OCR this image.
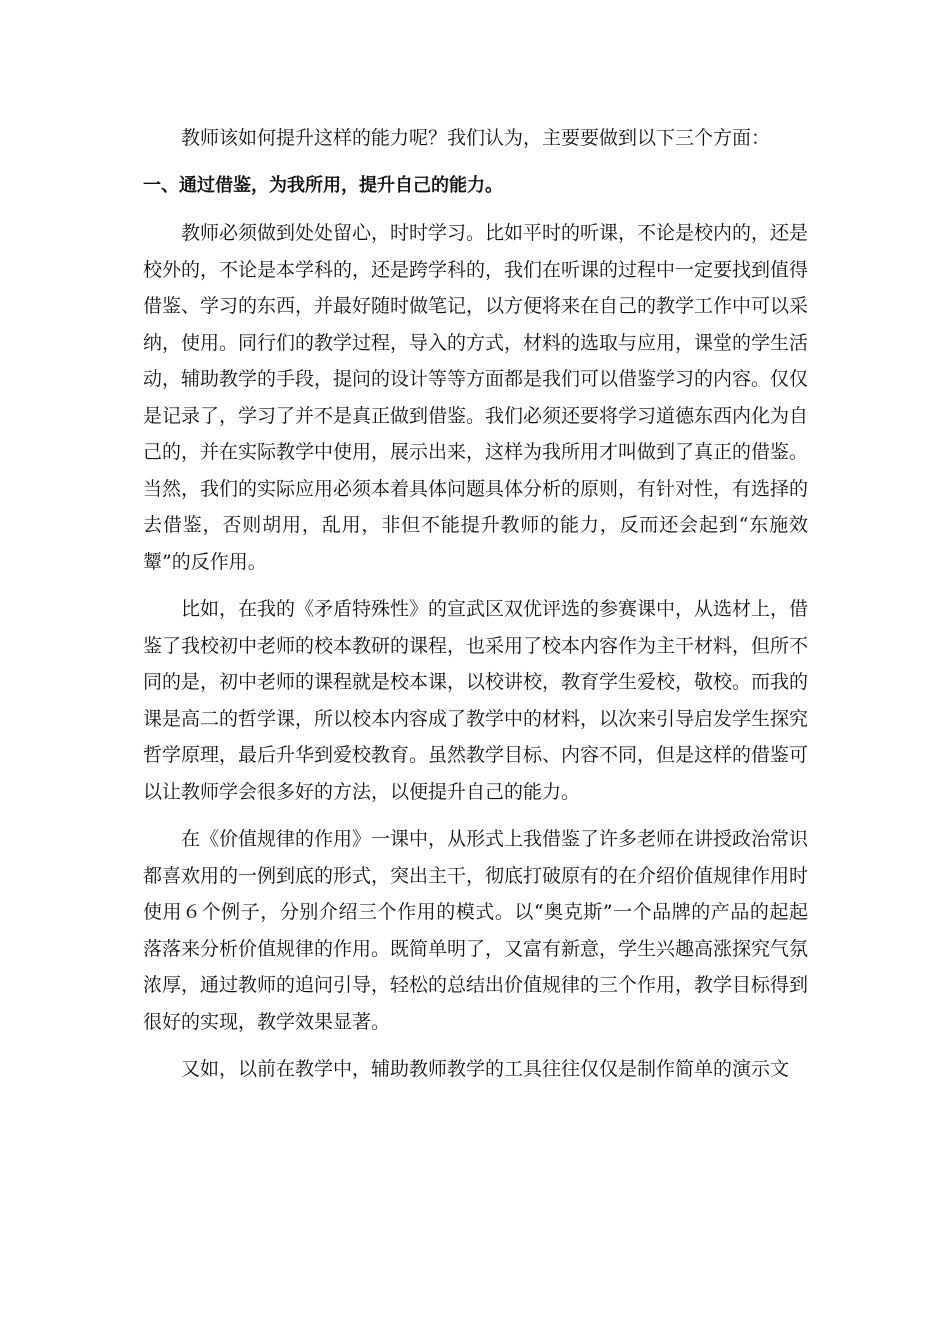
教师该如何提升这样的能力呢？我们认为，主要要做到以下三个方面：

一、通过借鉴，为我所用，提升自己的能力。

教师必须做到处处留心，时时学习。比如平时的听课，不论是校内的，还是校外的，不论是本学科的，还是跨学科的，我们在听课的过程中一定要找到值得借鉴、学习的东西，并最好随时做笔记，以方便将来在自己的教学工作中可以采纳，使用。同行们的教学过程，导入的方式，材料的选取与应用，课堂的学生活动，辅助教学的手段，提问的设计等等方面都是我们可以借鉴学习的内容。仅仅是记录了，学习了并不是真正做到借鉴。我们必须还要将学习道德东西内化为自己的，并在实际教学中使用，展示出来，这样为我所用才叫做到了真正的借鉴。当然，我们的实际应用必须本着具体问题具体分析的原则，有针对性，有选择的去借鉴，否则胡用，乱用，非但不能提升教师的能力，反而还会起到“东施效颦”的反作用。

比如，在我的《矛盾特殊性》的宣武区双优评选的参赛课中，从选材上，借鉴了我校初中老师的校本教研的课程，也采用了校本内容作为主干材料，但所不同的是，初中老师的课程就是校本课，以校讲校，教育学生爱校，敬校。而我的课是高二的哲学课，所以校本内容成了教学中的材料，以次来引导启发学生探究哲学原理，最后升华到爱校教育。虽然教学目标、内容不同，但是这样的借鉴可以让教师学会很多好的方法，以便提升自己的能力。

在《价值规律的作用》一课中，从形式上我借鉴了许多老师在讲授政治常识都喜欢用的一例到底的形式，突出主干，彻底打破原有的在介绍价值规律作用时使用６个例子，分别介绍三个作用的模式。以“奥克斯”一个品牌的产品的起起落落来分析价值规律的作用。既简单明了，又富有新意，学生兴趣高涨探究气氛浓厚，通过教师的追问引导，轻松的总结出价值规律的三个作用，教学目标得到很好的实现，教学效果显著。

又如，以前在教学中，辅助教师教学的工具往往仅仅是制作简单的演示文
